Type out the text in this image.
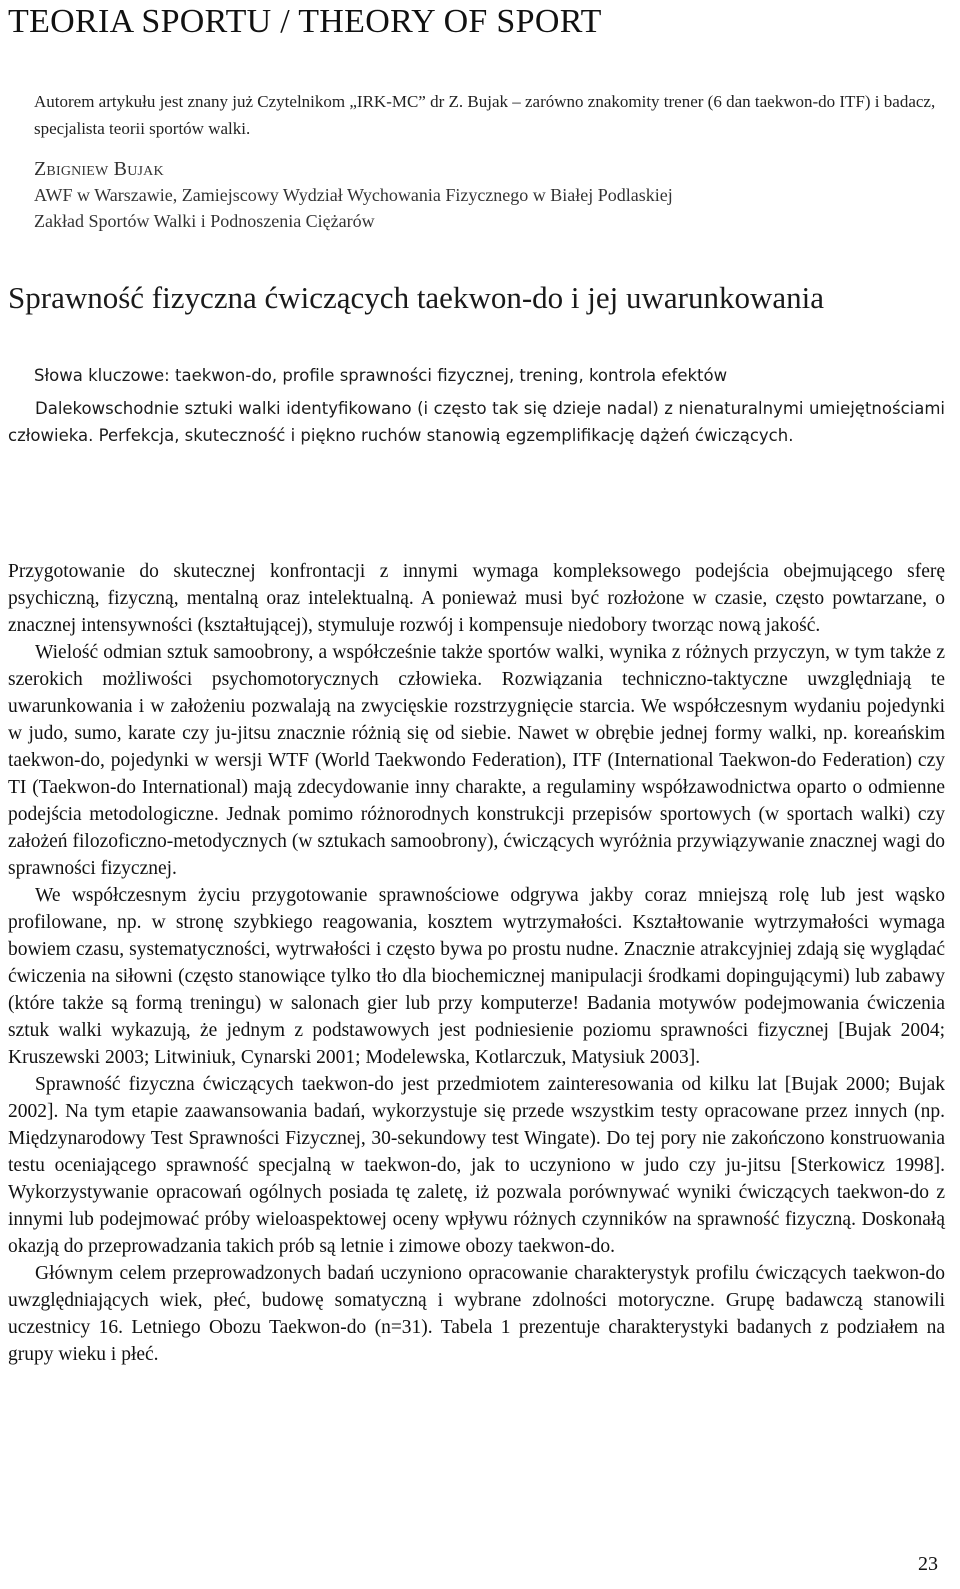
TEORIA SPORTU / THEORY OF SPORT
Autorem artykułu jest znany już Czytelnikom „IRK-MC” dr Z. Bujak – zarówno znakomity trener (6 dan taekwon-do ITF) i badacz, specjalista teorii sportów walki.
Zbigniew Bujak
AWF w Warszawie, Zamiejscowy Wydział Wychowania Fizycznego w Białej Podlaskiej
Zakład Sportów Walki i Podnoszenia Ciężarów
Sprawność fizyczna ćwiczących taekwon-do i jej uwarunkowania
Słowa kluczowe: taekwon-do, profile sprawności fizycznej, trening, kontrola efektów
Dalekowschodnie sztuki walki identyfikowano (i często tak się dzieje nadal) z nienaturalnymi umiejętnościami człowieka. Perfekcja, skuteczność i piękno ruchów stanowią egzemplifikację dążeń ćwiczących.

Przygotowanie do skutecznej konfrontacji z innymi wymaga kompleksowego podejścia obejmującego sferę psychiczną, fizyczną, mentalną oraz intelektualną. A ponieważ musi być rozłożone w czasie, często powtarzane, o znacznej intensywności (kształtującej), stymuluje rozwój i kompensuje niedobory tworząc nową jakość.

Wielość odmian sztuk samoobrony, a współcześnie także sportów walki, wynika z różnych przyczyn, w tym także z szerokich możliwości psychomotorycznych człowieka. Rozwiązania techniczno-taktyczne uwzględniają te uwarunkowania i w założeniu pozwalają na zwycięskie rozstrzygnięcie starcia. We współczesnym wydaniu pojedynki w judo, sumo, karate czy ju-jitsu znacznie różnią się od siebie. Nawet w obrębie jednej formy walki, np. koreańskim taekwon-do, pojedynki w wersji WTF (World Taekwondo Federation), ITF (International Taekwon-do Federation) czy TI (Taekwon-do International) mają zdecydowanie inny charakte, a regulaminy współzawodnictwa oparto o odmienne podejścia metodologiczne. Jednak pomimo różnorodnych konstrukcji przepisów sportowych (w sportach walki) czy założeń filozoficzno-metodycznych (w sztukach samoobrony), ćwiczących wyróżnia przywiązywanie znacznej wagi do sprawności fizycznej.

We współczesnym życiu przygotowanie sprawnościowe odgrywa jakby coraz mniejszą rolę lub jest wąsko profilowane, np. w stronę szybkiego reagowania, kosztem wytrzymałości. Kształtowanie wytrzymałości wymaga bowiem czasu, systematyczności, wytrwałości i często bywa po prostu nudne. Znacznie atrakcyjniej zdają się wyglądać ćwiczenia na siłowni (często stanowiące tylko tło dla biochemicznej manipulacji środkami dopingującymi) lub zabawy (które także są formą treningu) w salonach gier lub przy komputerze! Badania motywów podejmowania ćwiczenia sztuk walki wykazują, że jednym z podstawowych jest podniesienie poziomu sprawności fizycznej [Bujak 2004; Kruszewski 2003; Litwiniuk, Cynarski 2001; Modelewska, Kotlarczuk, Matysiuk 2003].

Sprawność fizyczna ćwiczących taekwon-do jest przedmiotem zainteresowania od kilku lat [Bujak 2000; Bujak 2002]. Na tym etapie zaawansowania badań, wykorzystuje się przede wszystkim testy opracowane przez innych (np. Międzynarodowy Test Sprawności Fizycznej, 30-sekundowy test Wingate). Do tej pory nie zakończono konstruowania testu oceniającego sprawność specjalną w taekwon-do, jak to uczyniono w judo czy ju-jitsu [Sterkowicz 1998]. Wykorzystywanie opracowań ogólnych posiada tę zaletę, iż pozwala porównywać wyniki ćwiczących taekwon-do z innymi lub podejmować próby wieloaspektowej oceny wpływu różnych czynników na sprawność fizyczną. Doskonałą okazją do przeprowadzania takich prób są letnie i zimowe obozy taekwon-do.

Głównym celem przeprowadzonych badań uczyniono opracowanie charakterystyk profilu ćwiczących taekwon-do uwzględniających wiek, płeć, budowę somatyczną i wybrane zdolności motoryczne. Grupę badawczą stanowili uczestnicy 16. Letniego Obozu Taekwon-do (n=31). Tabela 1 prezentuje charakterystyki badanych z podziałem na grupy wieku i płeć.

23
